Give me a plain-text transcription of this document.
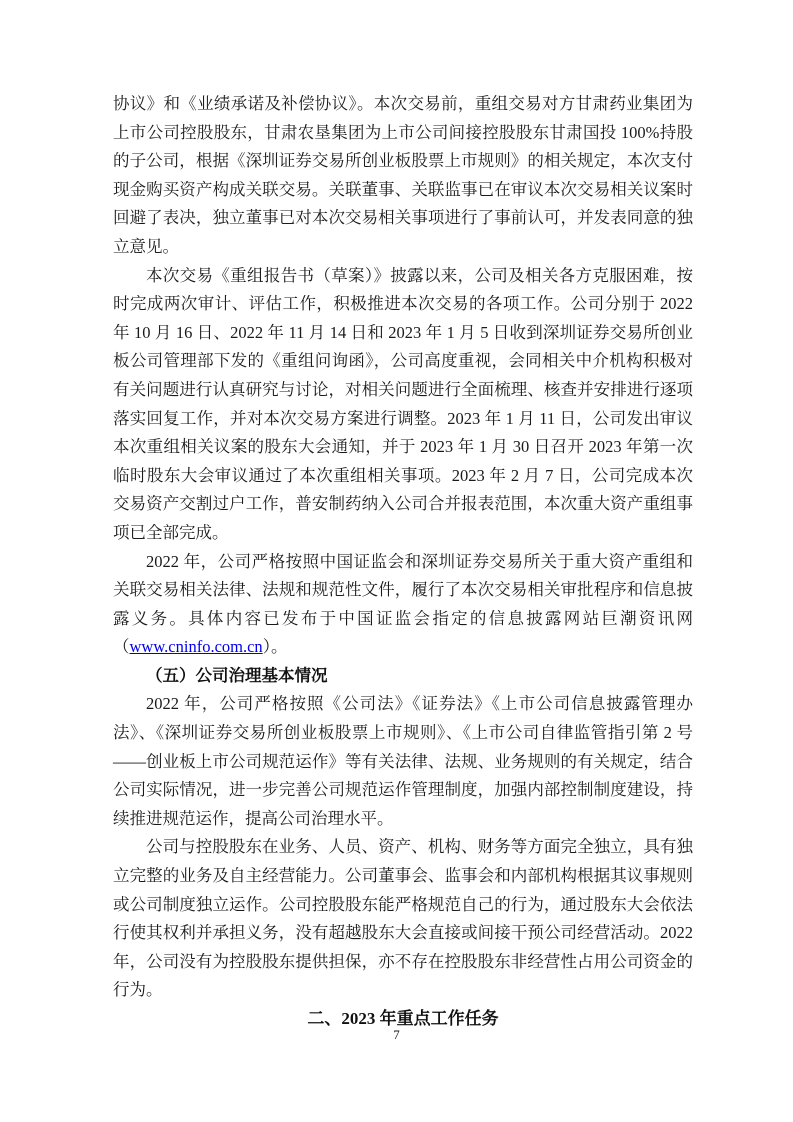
协议》和《业绩承诺及补偿协议》。本次交易前，重组交易对方甘肃药业集团为上市公司控股股东，甘肃农垦集团为上市公司间接控股股东甘肃国投 100%持股的子公司，根据《深圳证券交易所创业板股票上市规则》的相关规定，本次支付现金购买资产构成关联交易。关联董事、关联监事已在审议本次交易相关议案时回避了表决，独立董事已对本次交易相关事项进行了事前认可，并发表同意的独立意见。

本次交易《重组报告书（草案）》披露以来，公司及相关各方克服困难，按时完成两次审计、评估工作，积极推进本次交易的各项工作。公司分别于 2022 年 10 月 16 日、2022 年 11 月 14 日和 2023 年 1 月 5 日收到深圳证券交易所创业板公司管理部下发的《重组问询函》，公司高度重视，会同相关中介机构积极对有关问题进行认真研究与讨论，对相关问题进行全面梳理、核查并安排进行逐项落实回复工作，并对本次交易方案进行调整。2023 年 1 月 11 日，公司发出审议本次重组相关议案的股东大会通知，并于 2023 年 1 月 30 日召开 2023 年第一次临时股东大会审议通过了本次重组相关事项。2023 年 2 月 7 日，公司完成本次交易资产交割过户工作，普安制药纳入公司合并报表范围，本次重大资产重组事项已全部完成。

2022 年，公司严格按照中国证监会和深圳证券交易所关于重大资产重组和关联交易相关法律、法规和规范性文件，履行了本次交易相关审批程序和信息披露义务。具体内容已发布于中国证监会指定的信息披露网站巨潮资讯网（www.cninfo.com.cn）。

（五）公司治理基本情况

2022 年，公司严格按照《公司法》《证券法》《上市公司信息披露管理办法》、《深圳证券交易所创业板股票上市规则》、《上市公司自律监管指引第 2 号——创业板上市公司规范运作》等有关法律、法规、业务规则的有关规定，结合公司实际情况，进一步完善公司规范运作管理制度，加强内部控制制度建设，持续推进规范运作，提高公司治理水平。

公司与控股股东在业务、人员、资产、机构、财务等方面完全独立，具有独立完整的业务及自主经营能力。公司董事会、监事会和内部机构根据其议事规则或公司制度独立运作。公司控股股东能严格规范自己的行为，通过股东大会依法行使其权利并承担义务，没有超越股东大会直接或间接干预公司经营活动。2022 年，公司没有为控股股东提供担保，亦不存在控股股东非经营性占用公司资金的行为。

二、2023 年重点工作任务
7
